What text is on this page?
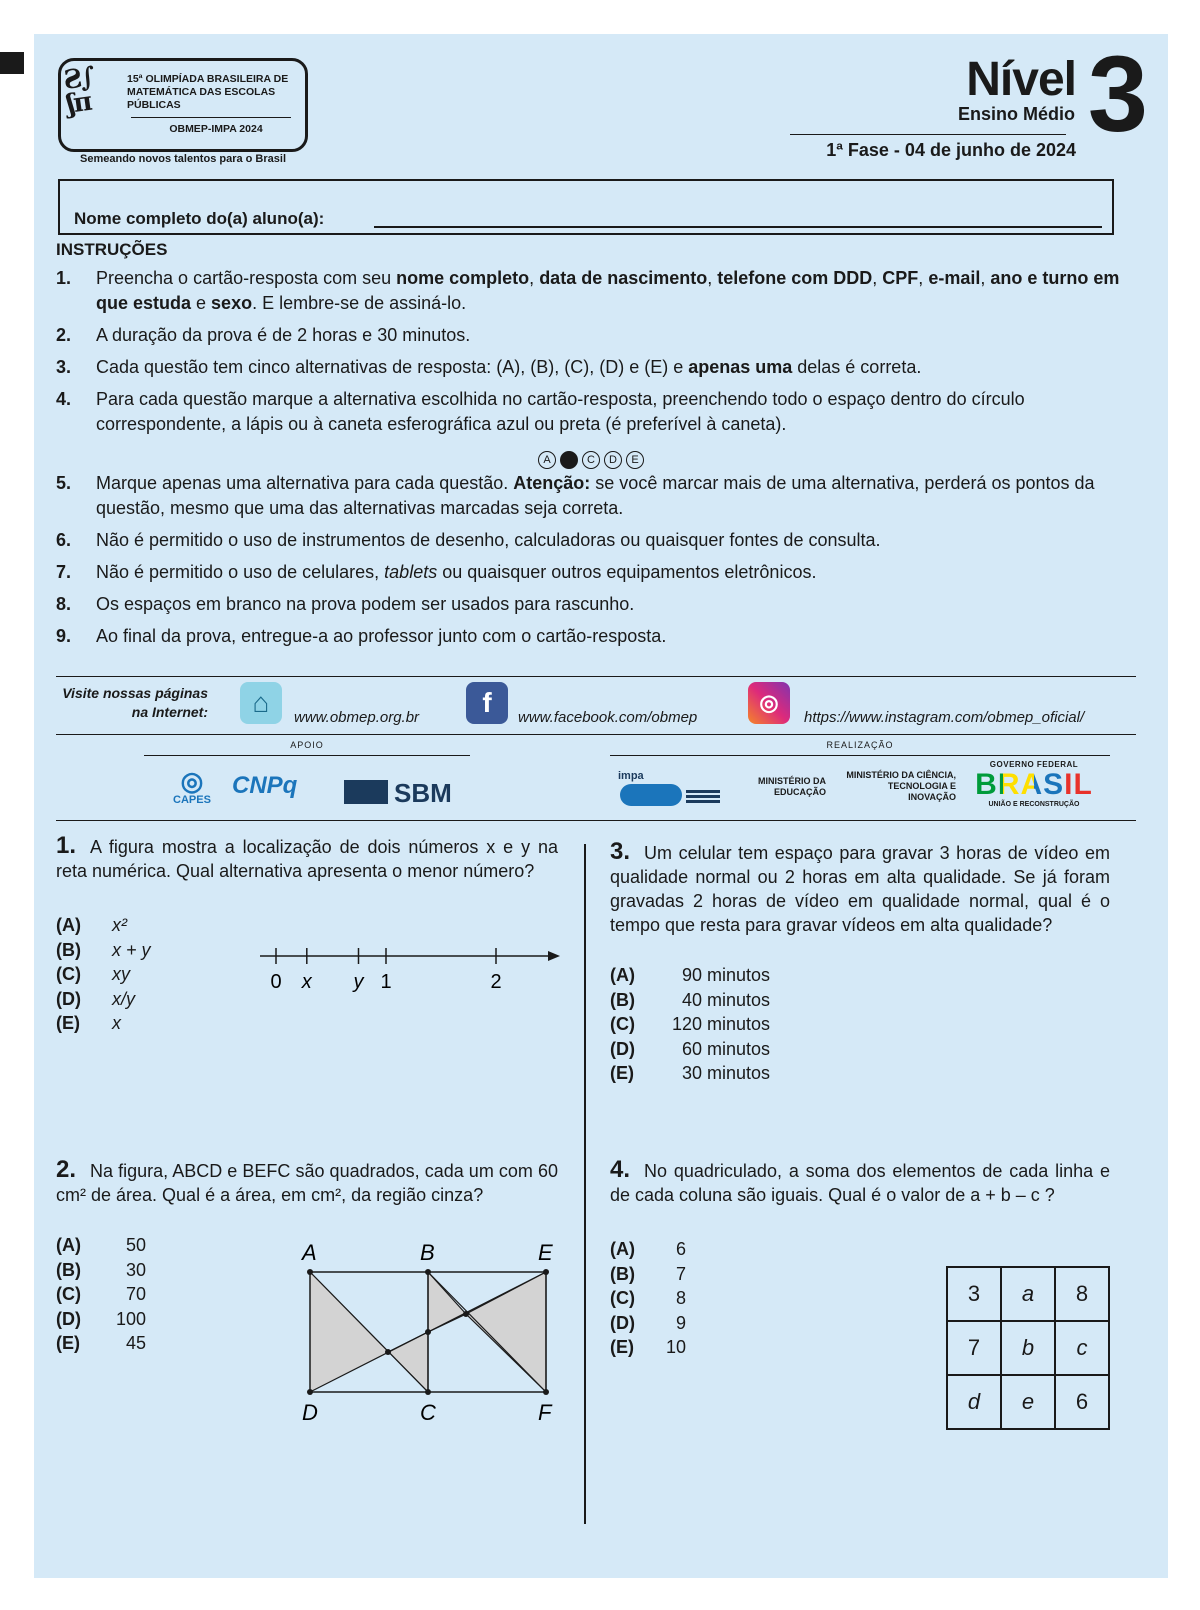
Ƨ∫
ʃπ
15ª OLIMPÍADA BRASILEIRA DE MATEMÁTICA DAS ESCOLAS PÚBLICAS
OBMEP-IMPA 2024
Semeando novos talentos para o Brasil
Nível 3
Ensino Médio
1ª Fase - 04 de junho de 2024
Nome completo do(a) aluno(a):
INSTRUÇÕES
1.	Preencha o cartão-resposta com seu nome completo, data de nascimento, telefone com DDD, CPF, e-mail, ano e turno em que estuda e sexo. E lembre-se de assiná-lo.
2.	A duração da prova é de 2 horas e 30 minutos.
3.	Cada questão tem cinco alternativas de resposta: (A), (B), (C), (D) e (E) e apenas uma delas é correta.
4.	Para cada questão marque a alternativa escolhida no cartão-resposta, preenchendo todo o espaço dentro do círculo correspondente, a lápis ou à caneta esferográfica azul ou preta (é preferível à caneta).
A	B	C	D	E
5.	Marque apenas uma alternativa para cada questão. Atenção: se você marcar mais de uma alternativa, perderá os pontos da questão, mesmo que uma das alternativas marcadas seja correta.
6.	Não é permitido o uso de instrumentos de desenho, calculadoras ou quaisquer fontes de consulta.
7.	Não é permitido o uso de celulares, tablets ou quaisquer outros equipamentos eletrônicos.
8.	Os espaços em branco na prova podem ser usados para rascunho.
9.	Ao final da prova, entregue-a ao professor junto com o cartão-resposta.
Visite nossas páginas na Internet:	⌂	www.obmep.org.br	f	www.facebook.com/obmep
◎
https://www.instagram.com/obmep_oficial/
APOIO	REALIZAÇÃO
◎
CAPES
CNPq	SBM
impa	MINISTÉRIO DA EDUCAÇÃO
MINISTÉRIO DA CIÊNCIA, TECNOLOGIA E INOVAÇÃO
GOVERNO FEDERAL
BRASIL
UNIÃO E RECONSTRUÇÃO
1. A figura mostra a localização de dois números x e y na reta numérica. Qual alternativa apresenta o menor número?
(A)	x²
(B)	x + y
(C)	xy
(D)	x/y
(E)	x
0 x y 1	2
2. Na figura, ABCD e BEFC são quadrados, cada um com 60 cm² de área. Qual é a área, em cm², da região cinza?
(A)	50
(B)	30
(C)	70
(D)	100
(E)	45
A	B	E
D	C	F
3. Um celular tem espaço para gravar 3 horas de vídeo em qualidade normal ou 2 horas em alta qualidade. Se já foram gravadas 2 horas de vídeo em qualidade normal, qual é o tempo que resta para gravar vídeos em alta qualidade?
(A)	90 minutos
(B)	40 minutos
(C)	120 minutos
(D)	60 minutos
(E)	30 minutos
4. No quadriculado, a soma dos elementos de cada linha e de cada coluna são iguais. Qual é o valor de a + b – c ?
(A)	6
(B)	7
(C)	8
(D)	9
(E)	10
3	a	8
7	b	c
d	e	6
